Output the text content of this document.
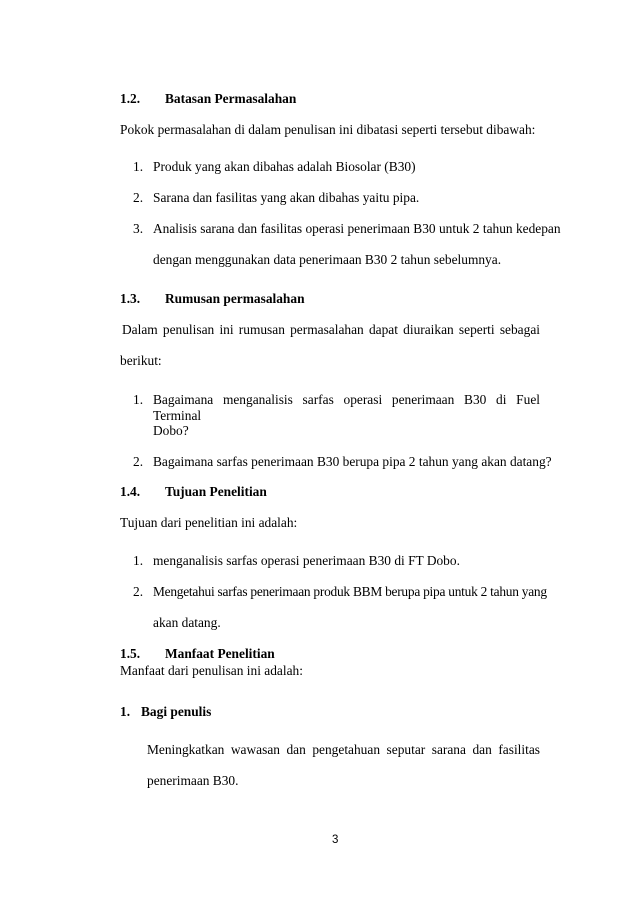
1.2. Batasan Permasalahan
Pokok permasalahan di dalam penulisan ini dibatasi seperti tersebut dibawah:
1. Produk yang akan dibahas adalah Biosolar (B30)
2. Sarana dan fasilitas yang akan dibahas yaitu pipa.
3. Analisis sarana dan fasilitas operasi penerimaan B30 untuk 2 tahun kedepan
dengan menggunakan data penerimaan B30 2 tahun sebelumnya.
1.3. Rumusan permasalahan
Dalam penulisan ini rumusan permasalahan dapat diuraikan seperti sebagai
berikut:
1. Bagaimana menganalisis sarfas operasi penerimaan B30 di Fuel Terminal
Dobo?
2. Bagaimana sarfas penerimaan B30 berupa pipa 2 tahun yang akan datang?
1.4. Tujuan Penelitian
Tujuan dari penelitian ini adalah:
1. menganalisis sarfas operasi penerimaan B30 di FT Dobo.
2. Mengetahui sarfas penerimaan produk BBM berupa pipa untuk 2 tahun yang
akan datang.
1.5. Manfaat Penelitian
Manfaat dari penulisan ini adalah:
1. Bagi penulis
Meningkatkan wawasan dan pengetahuan seputar sarana dan fasilitas
penerimaan B30.
3
